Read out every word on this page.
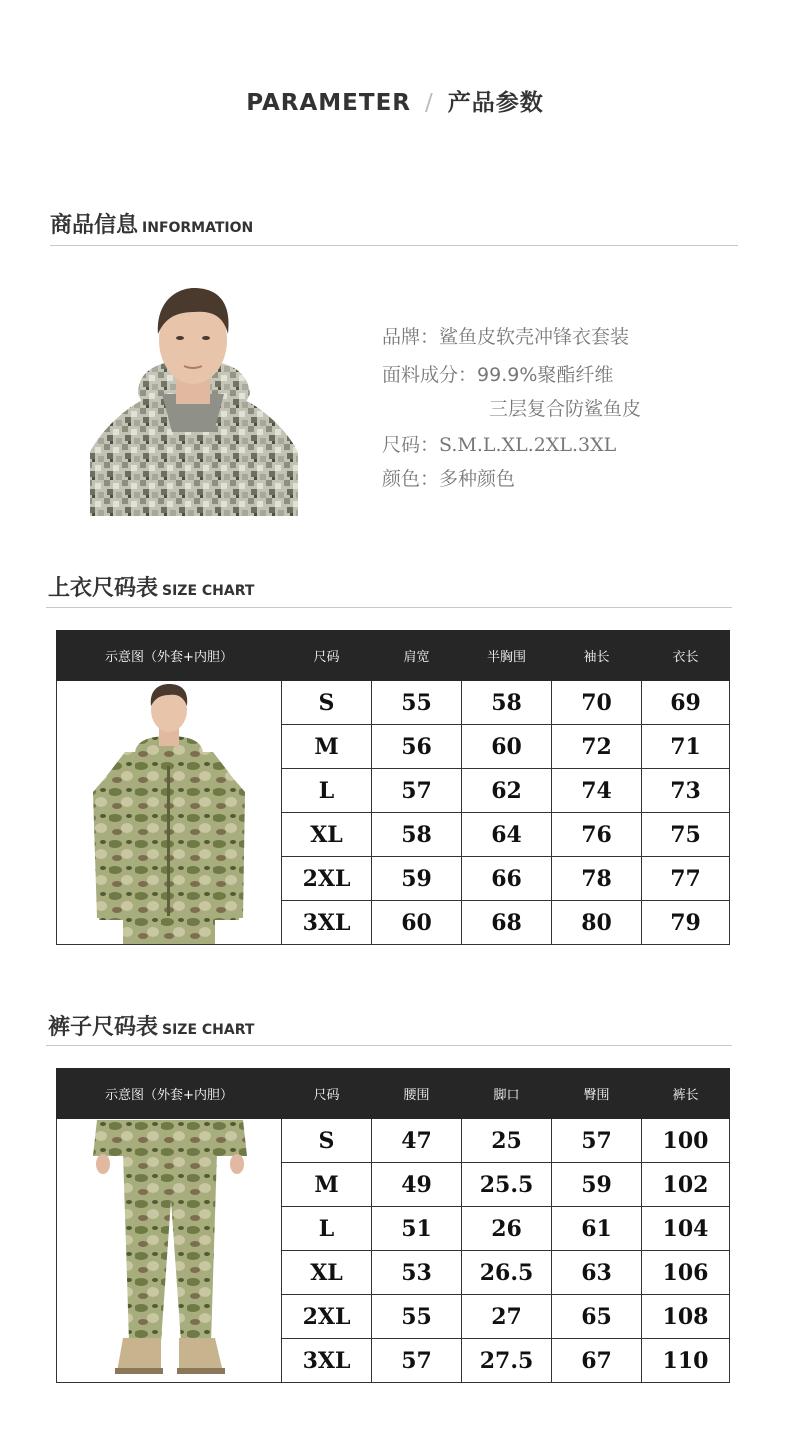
PARAMETER / 产品参数
商品信息 INFORMATION
品牌：鲨鱼皮软壳冲锋衣套装
面料成分：99.9%聚酯纤维
三层复合防鲨鱼皮
尺码：S.M.L.XL.2XL.3XL
颜色：多种颜色
上衣尺码表 SIZE CHART
示意图（外套+内胆）	尺码	肩宽	半胸围	袖长	衣长

	S	55	58	70	69
	M	56	60	72	71
	L	57	62	74	73
	XL	58	64	76	75
	2XL	59	66	78	77
	3XL	60	68	80	79
裤子尺码表 SIZE CHART
示意图（外套+内胆）	尺码	腰围	脚口	臀围	裤长

	S	47	25	57	100
	M	49	25.5	59	102
	L	51	26	61	104
	XL	53	26.5	63	106
	2XL	55	27	65	108
	3XL	57	27.5	67	110
